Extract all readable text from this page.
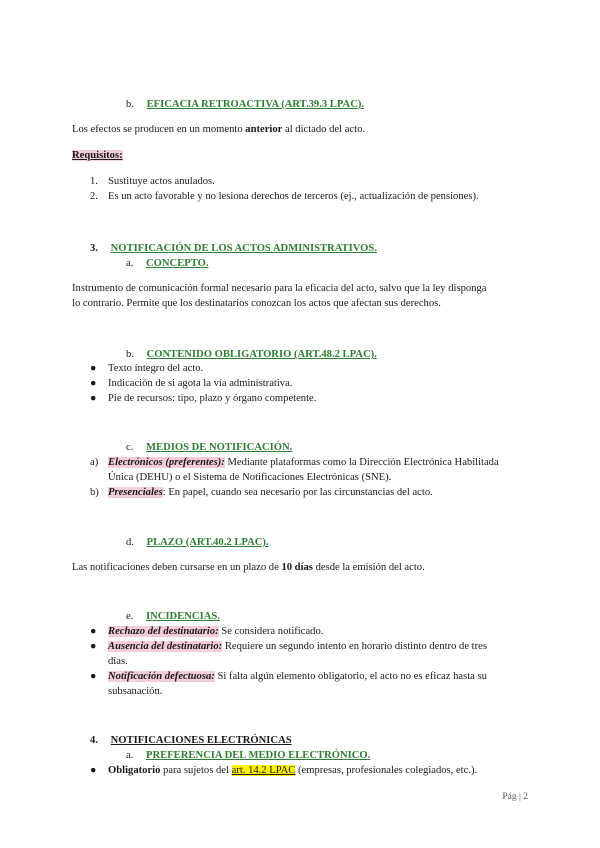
b. EFICACIA RETROACTIVA (ART.39.3 LPAC).
Los efectos se producen en un momento anterior al dictado del acto.
Requisitos:
1. Sustituye actos anulados.
2. Es un acto favorable y no lesiona derechos de terceros (ej., actualización de pensiones).
3. NOTIFICACIÓN DE LOS ACTOS ADMINISTRATIVOS.
a. CONCEPTO.
Instrumento de comunicación formal necesario para la eficacia del acto, salvo que la ley disponga
lo contrario. Permite que los destinatarios conozcan los actos que afectan sus derechos.
b. CONTENIDO OBLIGATORIO (ART.48.2 LPAC).
● Texto íntegro del acto.
● Indicación de si agota la vía administrativa.
● Pie de recursos: tipo, plazo y órgano competente.
c. MEDIOS DE NOTIFICACIÓN.
a) Electrónicos (preferentes): Mediante plataformas como la Dirección Electrónica Habilitada
Única (DEHU) o el Sistema de Notificaciones Electrónicas (SNE).
b) Presenciales: En papel, cuando sea necesario por las circunstancias del acto.
d. PLAZO (ART.40.2 LPAC).
Las notificaciones deben cursarse en un plazo de 10 días desde la emisión del acto.
e. INCIDENCIAS.
● Rechazo del destinatario: Se considera notificado.
● Ausencia del destinatario: Requiere un segundo intento en horario distinto dentro de tres
días.
● Notificación defectuosa: Si falta algún elemento obligatorio, el acto no es eficaz hasta su
subsanación.
4. NOTIFICACIONES ELECTRÓNICAS
a. PREFERENCIA DEL MEDIO ELECTRÓNICO.
● Obligatorio para sujetos del art. 14.2 LPAC (empresas, profesionales colegiados, etc.).
Pág | 2
